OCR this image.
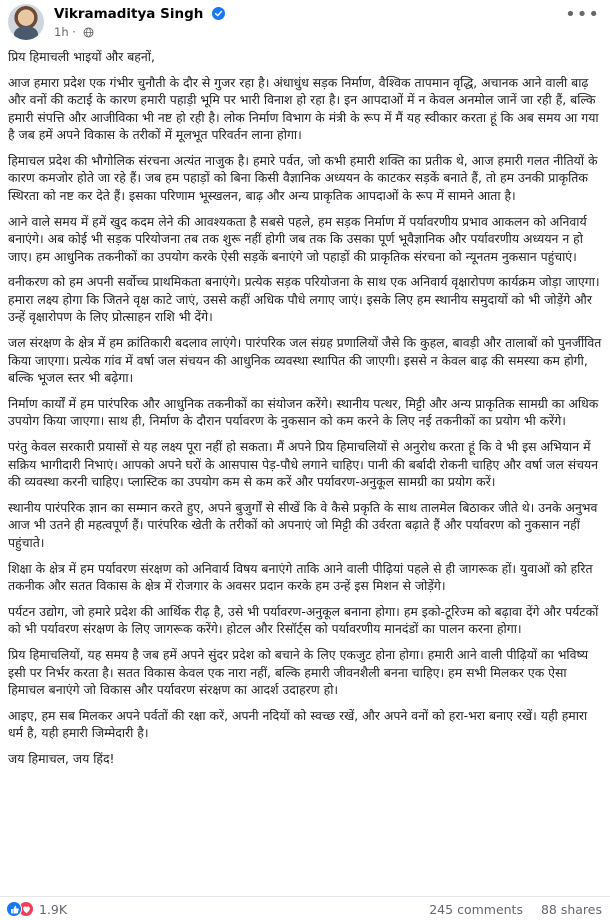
Vikramaditya Singh
1h ·
•••

प्रिय हिमाचली भाइयों और बहनों,

आज हमारा प्रदेश एक गंभीर चुनौती के दौर से गुजर रहा है। अंधाधुंध सड़क निर्माण, वैश्विक तापमान वृद्धि, अचानक आने वाली बाढ़ और वनों की कटाई के कारण हमारी पहाड़ी भूमि पर भारी विनाश हो रहा है। इन आपदाओं में न केवल अनमोल जानें जा रही हैं, बल्कि हमारी संपत्ति और आजीविका भी नष्ट हो रही है। लोक निर्माण विभाग के मंत्री के रूप में मैं यह स्वीकार करता हूं कि अब समय आ गया है जब हमें अपने विकास के तरीकों में मूलभूत परिवर्तन लाना होगा।

हिमाचल प्रदेश की भौगोलिक संरचना अत्यंत नाजुक है। हमारे पर्वत, जो कभी हमारी शक्ति का प्रतीक थे, आज हमारी गलत नीतियों के कारण कमजोर होते जा रहे हैं। जब हम पहाड़ों को बिना किसी वैज्ञानिक अध्ययन के काटकर सड़कें बनाते हैं, तो हम उनकी प्राकृतिक स्थिरता को नष्ट कर देते हैं। इसका परिणाम भूस्खलन, बाढ़ और अन्य प्राकृतिक आपदाओं के रूप में सामने आता है।

आने वाले समय में हमें खुद कदम लेने की आवश्यकता है सबसे पहले, हम सड़क निर्माण में पर्यावरणीय प्रभाव आकलन को अनिवार्य बनाएंगे। अब कोई भी सड़क परियोजना तब तक शुरू नहीं होगी जब तक कि उसका पूर्ण भूवैज्ञानिक और पर्यावरणीय अध्ययन न हो जाए। हम आधुनिक तकनीकों का उपयोग करके ऐसी सड़कें बनाएंगे जो पहाड़ों की प्राकृतिक संरचना को न्यूनतम नुकसान पहुंचाएं।

वनीकरण को हम अपनी सर्वोच्च प्राथमिकता बनाएंगे। प्रत्येक सड़क परियोजना के साथ एक अनिवार्य वृक्षारोपण कार्यक्रम जोड़ा जाएगा। हमारा लक्ष्य होगा कि जितने वृक्ष काटे जाएं, उससे कहीं अधिक पौधे लगाए जाएं। इसके लिए हम स्थानीय समुदायों को भी जोड़ेंगे और उन्हें वृक्षारोपण के लिए प्रोत्साहन राशि भी देंगे।

जल संरक्षण के क्षेत्र में हम क्रांतिकारी बदलाव लाएंगे। पारंपरिक जल संग्रह प्रणालियों जैसे कि कुहल, बावड़ी और तालाबों को पुनर्जीवित किया जाएगा। प्रत्येक गांव में वर्षा जल संचयन की आधुनिक व्यवस्था स्थापित की जाएगी। इससे न केवल बाढ़ की समस्या कम होगी, बल्कि भूजल स्तर भी बढ़ेगा।

निर्माण कार्यों में हम पारंपरिक और आधुनिक तकनीकों का संयोजन करेंगे। स्थानीय पत्थर, मिट्टी और अन्य प्राकृतिक सामग्री का अधिक उपयोग किया जाएगा। साथ ही, निर्माण के दौरान पर्यावरण के नुकसान को कम करने के लिए नई तकनीकों का प्रयोग भी करेंगे।

परंतु केवल सरकारी प्रयासों से यह लक्ष्य पूरा नहीं हो सकता। मैं अपने प्रिय हिमाचलियों से अनुरोध करता हूं कि वे भी इस अभियान में सक्रिय भागीदारी निभाएं। आपको अपने घरों के आसपास पेड़-पौधे लगाने चाहिए। पानी की बर्बादी रोकनी चाहिए और वर्षा जल संचयन की व्यवस्था करनी चाहिए। प्लास्टिक का उपयोग कम से कम करें और पर्यावरण-अनुकूल सामग्री का प्रयोग करें।

स्थानीय पारंपरिक ज्ञान का सम्मान करते हुए, अपने बुजुर्गों से सीखें कि वे कैसे प्रकृति के साथ तालमेल बिठाकर जीते थे। उनके अनुभव आज भी उतने ही महत्वपूर्ण हैं। पारंपरिक खेती के तरीकों को अपनाएं जो मिट्टी की उर्वरता बढ़ाते हैं और पर्यावरण को नुकसान नहीं पहुंचाते।

शिक्षा के क्षेत्र में हम पर्यावरण संरक्षण को अनिवार्य विषय बनाएंगे ताकि आने वाली पीढ़ियां पहले से ही जागरूक हों। युवाओं को हरित तकनीक और सतत विकास के क्षेत्र में रोजगार के अवसर प्रदान करके हम उन्हें इस मिशन से जोड़ेंगे।

पर्यटन उद्योग, जो हमारे प्रदेश की आर्थिक रीढ़ है, उसे भी पर्यावरण-अनुकूल बनाना होगा। हम इको-टूरिज्म को बढ़ावा देंगे और पर्यटकों को भी पर्यावरण संरक्षण के लिए जागरूक करेंगे। होटल और रिसॉर्ट्स को पर्यावरणीय मानदंडों का पालन करना होगा।

प्रिय हिमाचलियों, यह समय है जब हमें अपने सुंदर प्रदेश को बचाने के लिए एकजुट होना होगा। हमारी आने वाली पीढ़ियों का भविष्य इसी पर निर्भर करता है। सतत विकास केवल एक नारा नहीं, बल्कि हमारी जीवनशैली बनना चाहिए। हम सभी मिलकर एक ऐसा हिमाचल बनाएंगे जो विकास और पर्यावरण संरक्षण का आदर्श उदाहरण हो।

आइए, हम सब मिलकर अपने पर्वतों की रक्षा करें, अपनी नदियों को स्वच्छ रखें, और अपने वनों को हरा-भरा बनाए रखें। यही हमारा धर्म है, यही हमारी जिम्मेदारी है।

जय हिमाचल, जय हिंद!

1.9K	245 comments 88 shares
